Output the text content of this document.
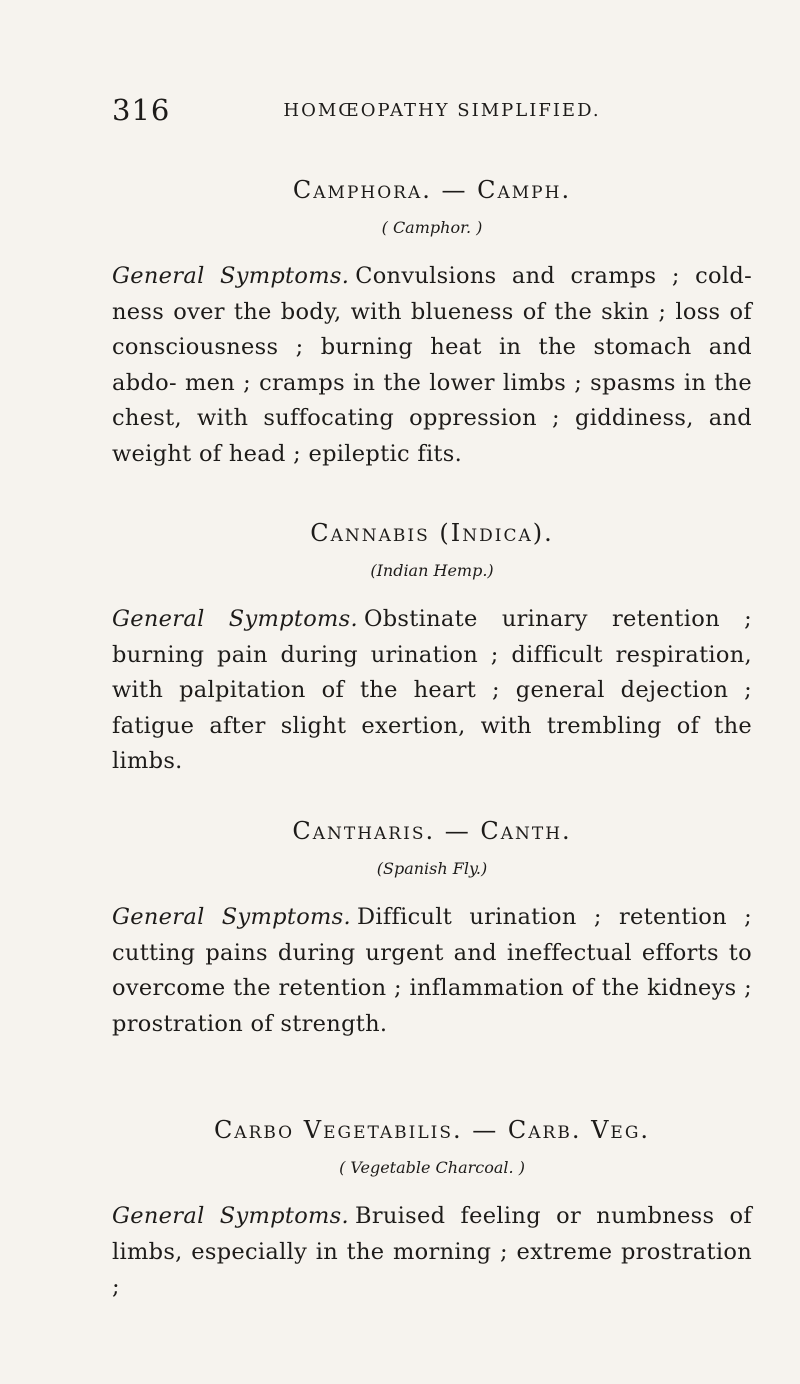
316	HOMŒOPATHY SIMPLIFIED.
Camphora. — Camph.
( Camphor. )

General Symptoms. Convulsions and cramps ; cold- ness over the body, with blueness of the skin ; loss of consciousness ; burning heat in the stomach and abdo- men ; cramps in the lower limbs ; spasms in the chest, with suffocating oppression ; giddiness, and weight of head ; epileptic fits.

Cannabis (Indica).
(Indian Hemp.)

General Symptoms. Obstinate urinary retention ; burning pain during urination ; difficult respiration, with palpitation of the heart ; general dejection ; fatigue after slight exertion, with trembling of the limbs.

Cantharis. — Canth.
(Spanish Fly.)

General Symptoms. Difficult urination ; retention ; cutting pains during urgent and ineffectual efforts to overcome the retention ; inflammation of the kidneys ; prostration of strength.

Carbo Vegetabilis. — Carb. Veg.
( Vegetable Charcoal. )

General Symptoms. Bruised feeling or numbness of limbs, especially in the morning ; extreme prostration ;
